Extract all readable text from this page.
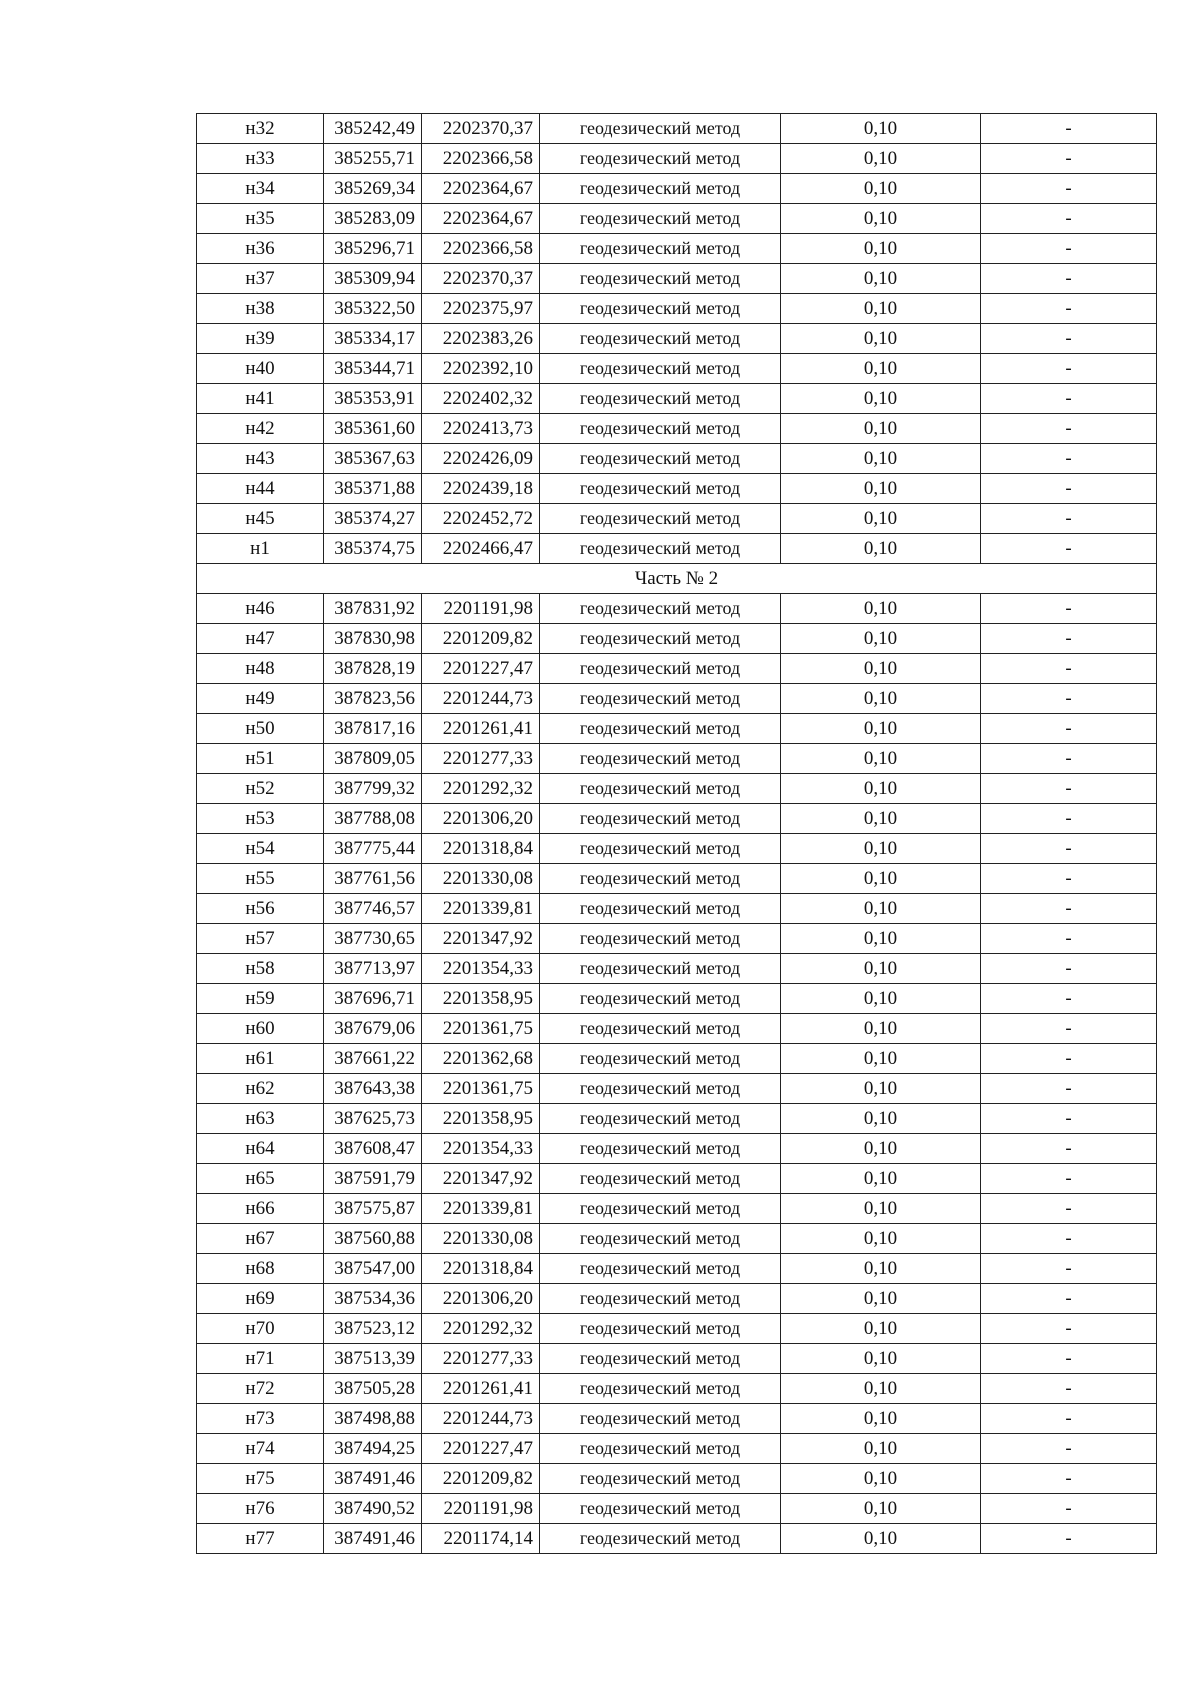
н32	385242,49	2202370,37	геодезический метод	0,10	-
н33	385255,71	2202366,58	геодезический метод	0,10	-
н34	385269,34	2202364,67	геодезический метод	0,10	-
н35	385283,09	2202364,67	геодезический метод	0,10	-
н36	385296,71	2202366,58	геодезический метод	0,10	-
н37	385309,94	2202370,37	геодезический метод	0,10	-
н38	385322,50	2202375,97	геодезический метод	0,10	-
н39	385334,17	2202383,26	геодезический метод	0,10	-
н40	385344,71	2202392,10	геодезический метод	0,10	-
н41	385353,91	2202402,32	геодезический метод	0,10	-
н42	385361,60	2202413,73	геодезический метод	0,10	-
н43	385367,63	2202426,09	геодезический метод	0,10	-
н44	385371,88	2202439,18	геодезический метод	0,10	-
н45	385374,27	2202452,72	геодезический метод	0,10	-
н1	385374,75	2202466,47	геодезический метод	0,10	-
Часть № 2					
н46	387831,92	2201191,98	геодезический метод	0,10	-
н47	387830,98	2201209,82	геодезический метод	0,10	-
н48	387828,19	2201227,47	геодезический метод	0,10	-
н49	387823,56	2201244,73	геодезический метод	0,10	-
н50	387817,16	2201261,41	геодезический метод	0,10	-
н51	387809,05	2201277,33	геодезический метод	0,10	-
н52	387799,32	2201292,32	геодезический метод	0,10	-
н53	387788,08	2201306,20	геодезический метод	0,10	-
н54	387775,44	2201318,84	геодезический метод	0,10	-
н55	387761,56	2201330,08	геодезический метод	0,10	-
н56	387746,57	2201339,81	геодезический метод	0,10	-
н57	387730,65	2201347,92	геодезический метод	0,10	-
н58	387713,97	2201354,33	геодезический метод	0,10	-
н59	387696,71	2201358,95	геодезический метод	0,10	-
н60	387679,06	2201361,75	геодезический метод	0,10	-
н61	387661,22	2201362,68	геодезический метод	0,10	-
н62	387643,38	2201361,75	геодезический метод	0,10	-
н63	387625,73	2201358,95	геодезический метод	0,10	-
н64	387608,47	2201354,33	геодезический метод	0,10	-
н65	387591,79	2201347,92	геодезический метод	0,10	-
н66	387575,87	2201339,81	геодезический метод	0,10	-
н67	387560,88	2201330,08	геодезический метод	0,10	-
н68	387547,00	2201318,84	геодезический метод	0,10	-
н69	387534,36	2201306,20	геодезический метод	0,10	-
н70	387523,12	2201292,32	геодезический метод	0,10	-
н71	387513,39	2201277,33	геодезический метод	0,10	-
н72	387505,28	2201261,41	геодезический метод	0,10	-
н73	387498,88	2201244,73	геодезический метод	0,10	-
н74	387494,25	2201227,47	геодезический метод	0,10	-
н75	387491,46	2201209,82	геодезический метод	0,10	-
н76	387490,52	2201191,98	геодезический метод	0,10	-
н77	387491,46	2201174,14	геодезический метод	0,10	-
